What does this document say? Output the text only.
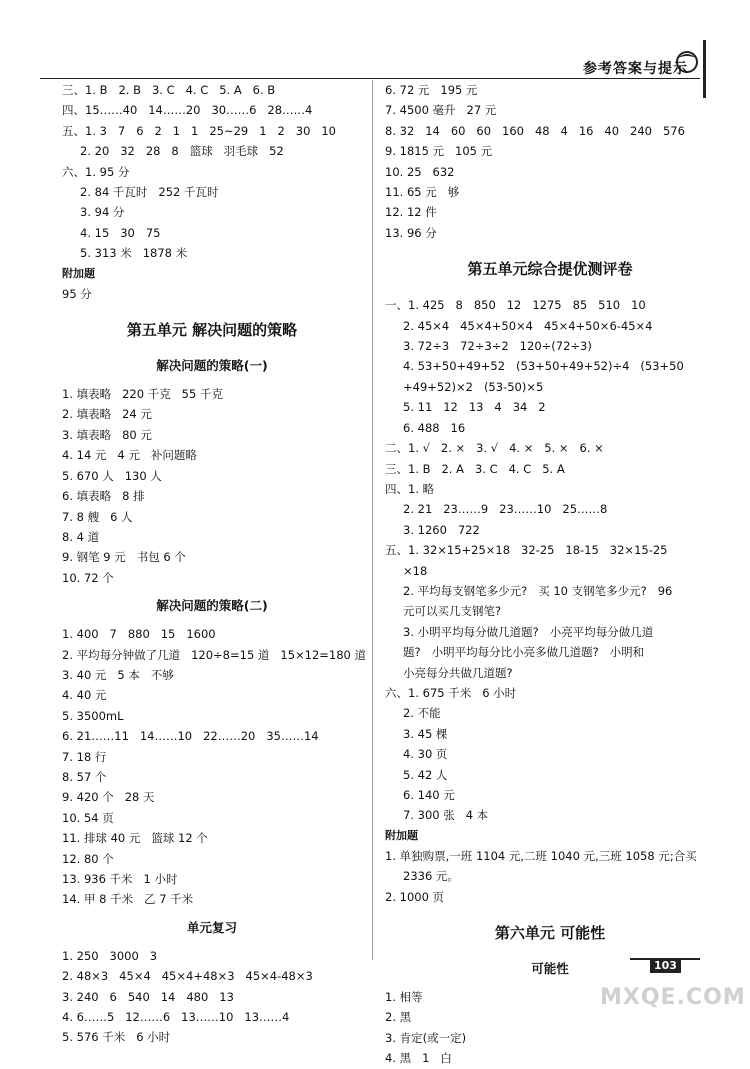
参考答案与提示
三、1. B   2. B   3. C   4. C   5. A   6. B
四、15……40   14……20   30……6   28……4
五、1. 3   7   6   2   1   1   25~29   1   2   30   10
2. 20   32   28   8   篮球   羽毛球   52
六、1. 95 分
2. 84 千瓦时   252 千瓦时
3. 94 分
4. 15   30   75
5. 313 米   1878 米
附加题
95 分
第五单元 解决问题的策略
解决问题的策略(一)
1. 填表略   220 千克   55 千克
2. 填表略   24 元
3. 填表略   80 元
4. 14 元   4 元   补问题略
5. 670 人   130 人
6. 填表略   8 排
7. 8 艘   6 人
8. 4 道
9. 钢笔 9 元   书包 6 个
10. 72 个
解决问题的策略(二)
1. 400   7   880   15   1600
2. 平均每分钟做了几道   120÷8=15 道   15×12=180 道
3. 40 元   5 本   不够
4. 40 元
5. 3500mL
6. 21……11   14……10   22……20   35……14
7. 18 行
8. 57 个
9. 420 个   28 天
10. 54 页
11. 排球 40 元   篮球 12 个
12. 80 个
13. 936 千米   1 小时
14. 甲 8 千米   乙 7 千米
单元复习
1. 250   3000   3
2. 48×3   45×4   45×4+48×3   45×4-48×3
3. 240   6   540   14   480   13
4. 6……5   12……6   13……10   13……4
5. 576 千米   6 小时
6. 72 元   195 元
7. 4500 毫升   27 元
8. 32   14   60   60   160   48   4   16   40   240   576
9. 1815 元   105 元
10. 25   632
11. 65 元   够
12. 12 件
13. 96 分
第五单元综合提优测评卷
一、1. 425   8   850   12   1275   85   510   10
2. 45×4   45×4+50×4   45×4+50×6-45×4
3. 72÷3   72÷3÷2   120÷(72÷3)
4. 53+50+49+52   (53+50+49+52)÷4   (53+50
+49+52)×2   (53-50)×5
5. 11   12   13   4   34   2
6. 488   16
二、1. √   2. ×   3. √   4. ×   5. ×   6. ×
三、1. B   2. A   3. C   4. C   5. A
四、1. 略
2. 21   23……9   23……10   25……8
3. 1260   722
五、1. 32×15+25×18   32-25   18-15   32×15-25
×18
2. 平均每支钢笔多少元?   买 10 支钢笔多少元?   96
元可以买几支钢笔?
3. 小明平均每分做几道题?   小亮平均每分做几道
题?   小明平均每分比小亮多做几道题?   小明和
小亮每分共做几道题?
六、1. 675 千米   6 小时
2. 不能
3. 45 棵
4. 30 页
5. 42 人
6. 140 元
7. 300 张   4 本
附加题
1. 单独购票,一班 1104 元,二班 1040 元,三班 1058 元;合买
2336 元。
2. 1000 页
第六单元 可能性
可能性
1. 相等
2. 黑
3. 肯定(或一定)
4. 黑   1   白
103
MXQE.COM
